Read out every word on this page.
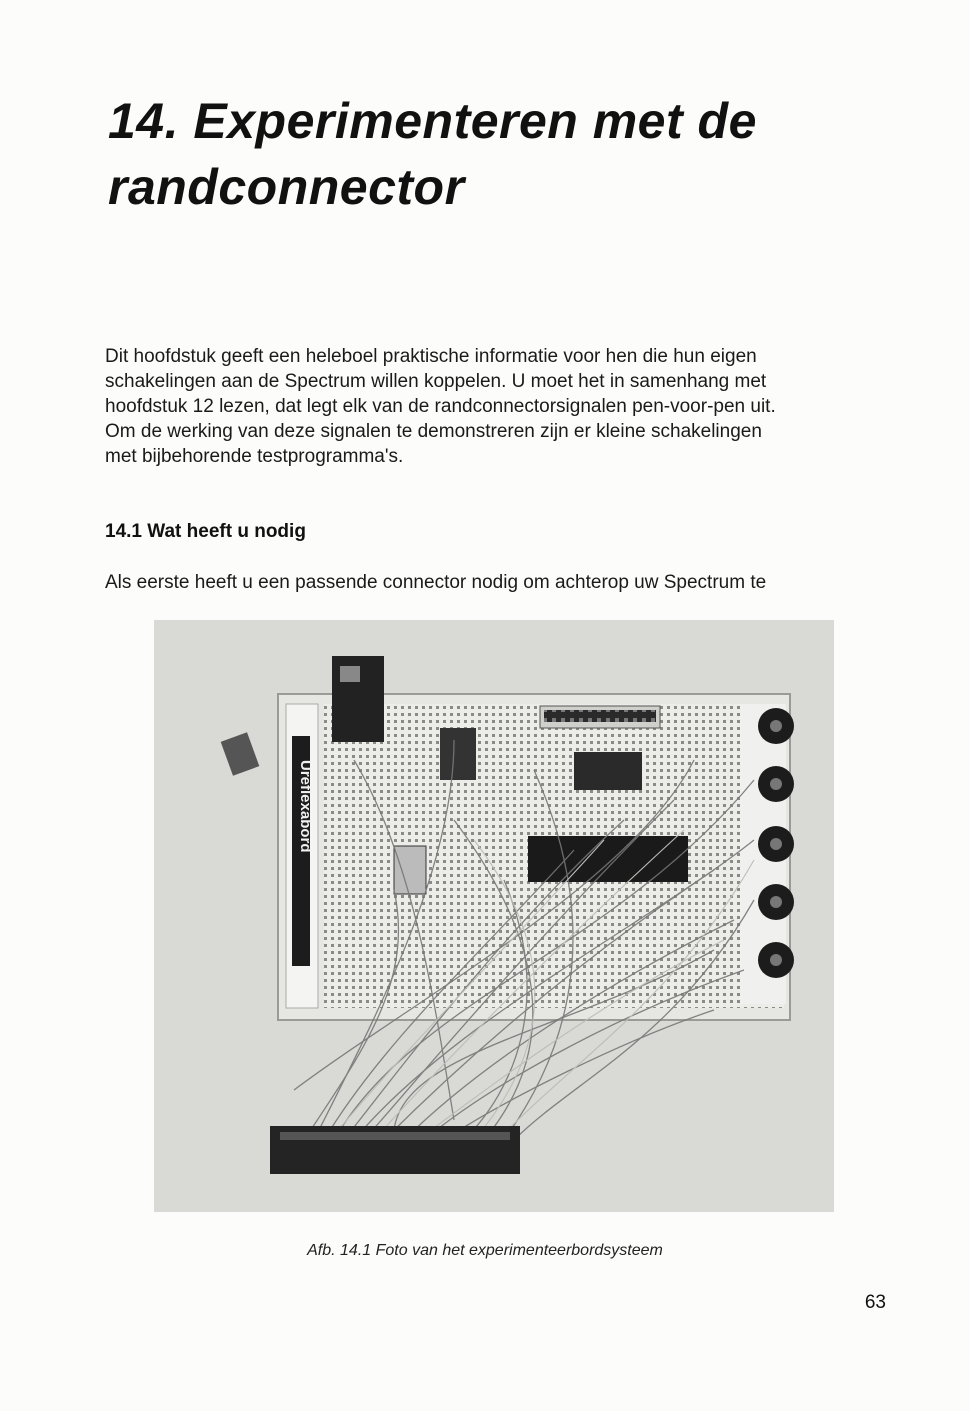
14. Experimenteren met de
randconnector

Dit hoofdstuk geeft een heleboel praktische informatie voor hen die hun eigen
schakelingen aan de Spectrum willen koppelen. U moet het in samenhang met
hoofdstuk 12 lezen, dat legt elk van de randconnectorsignalen pen-voor-pen uit.
Om de werking van deze signalen te demonstreren zijn er kleine schakelingen
met bijbehorende testprogramma's.

14.1 Wat heeft u nodig

Als eerste heeft u een passende connector nodig om achterop uw Spectrum te

Ureflexabord

Afb. 14.1 Foto van het experimenteerbordsysteem

63
